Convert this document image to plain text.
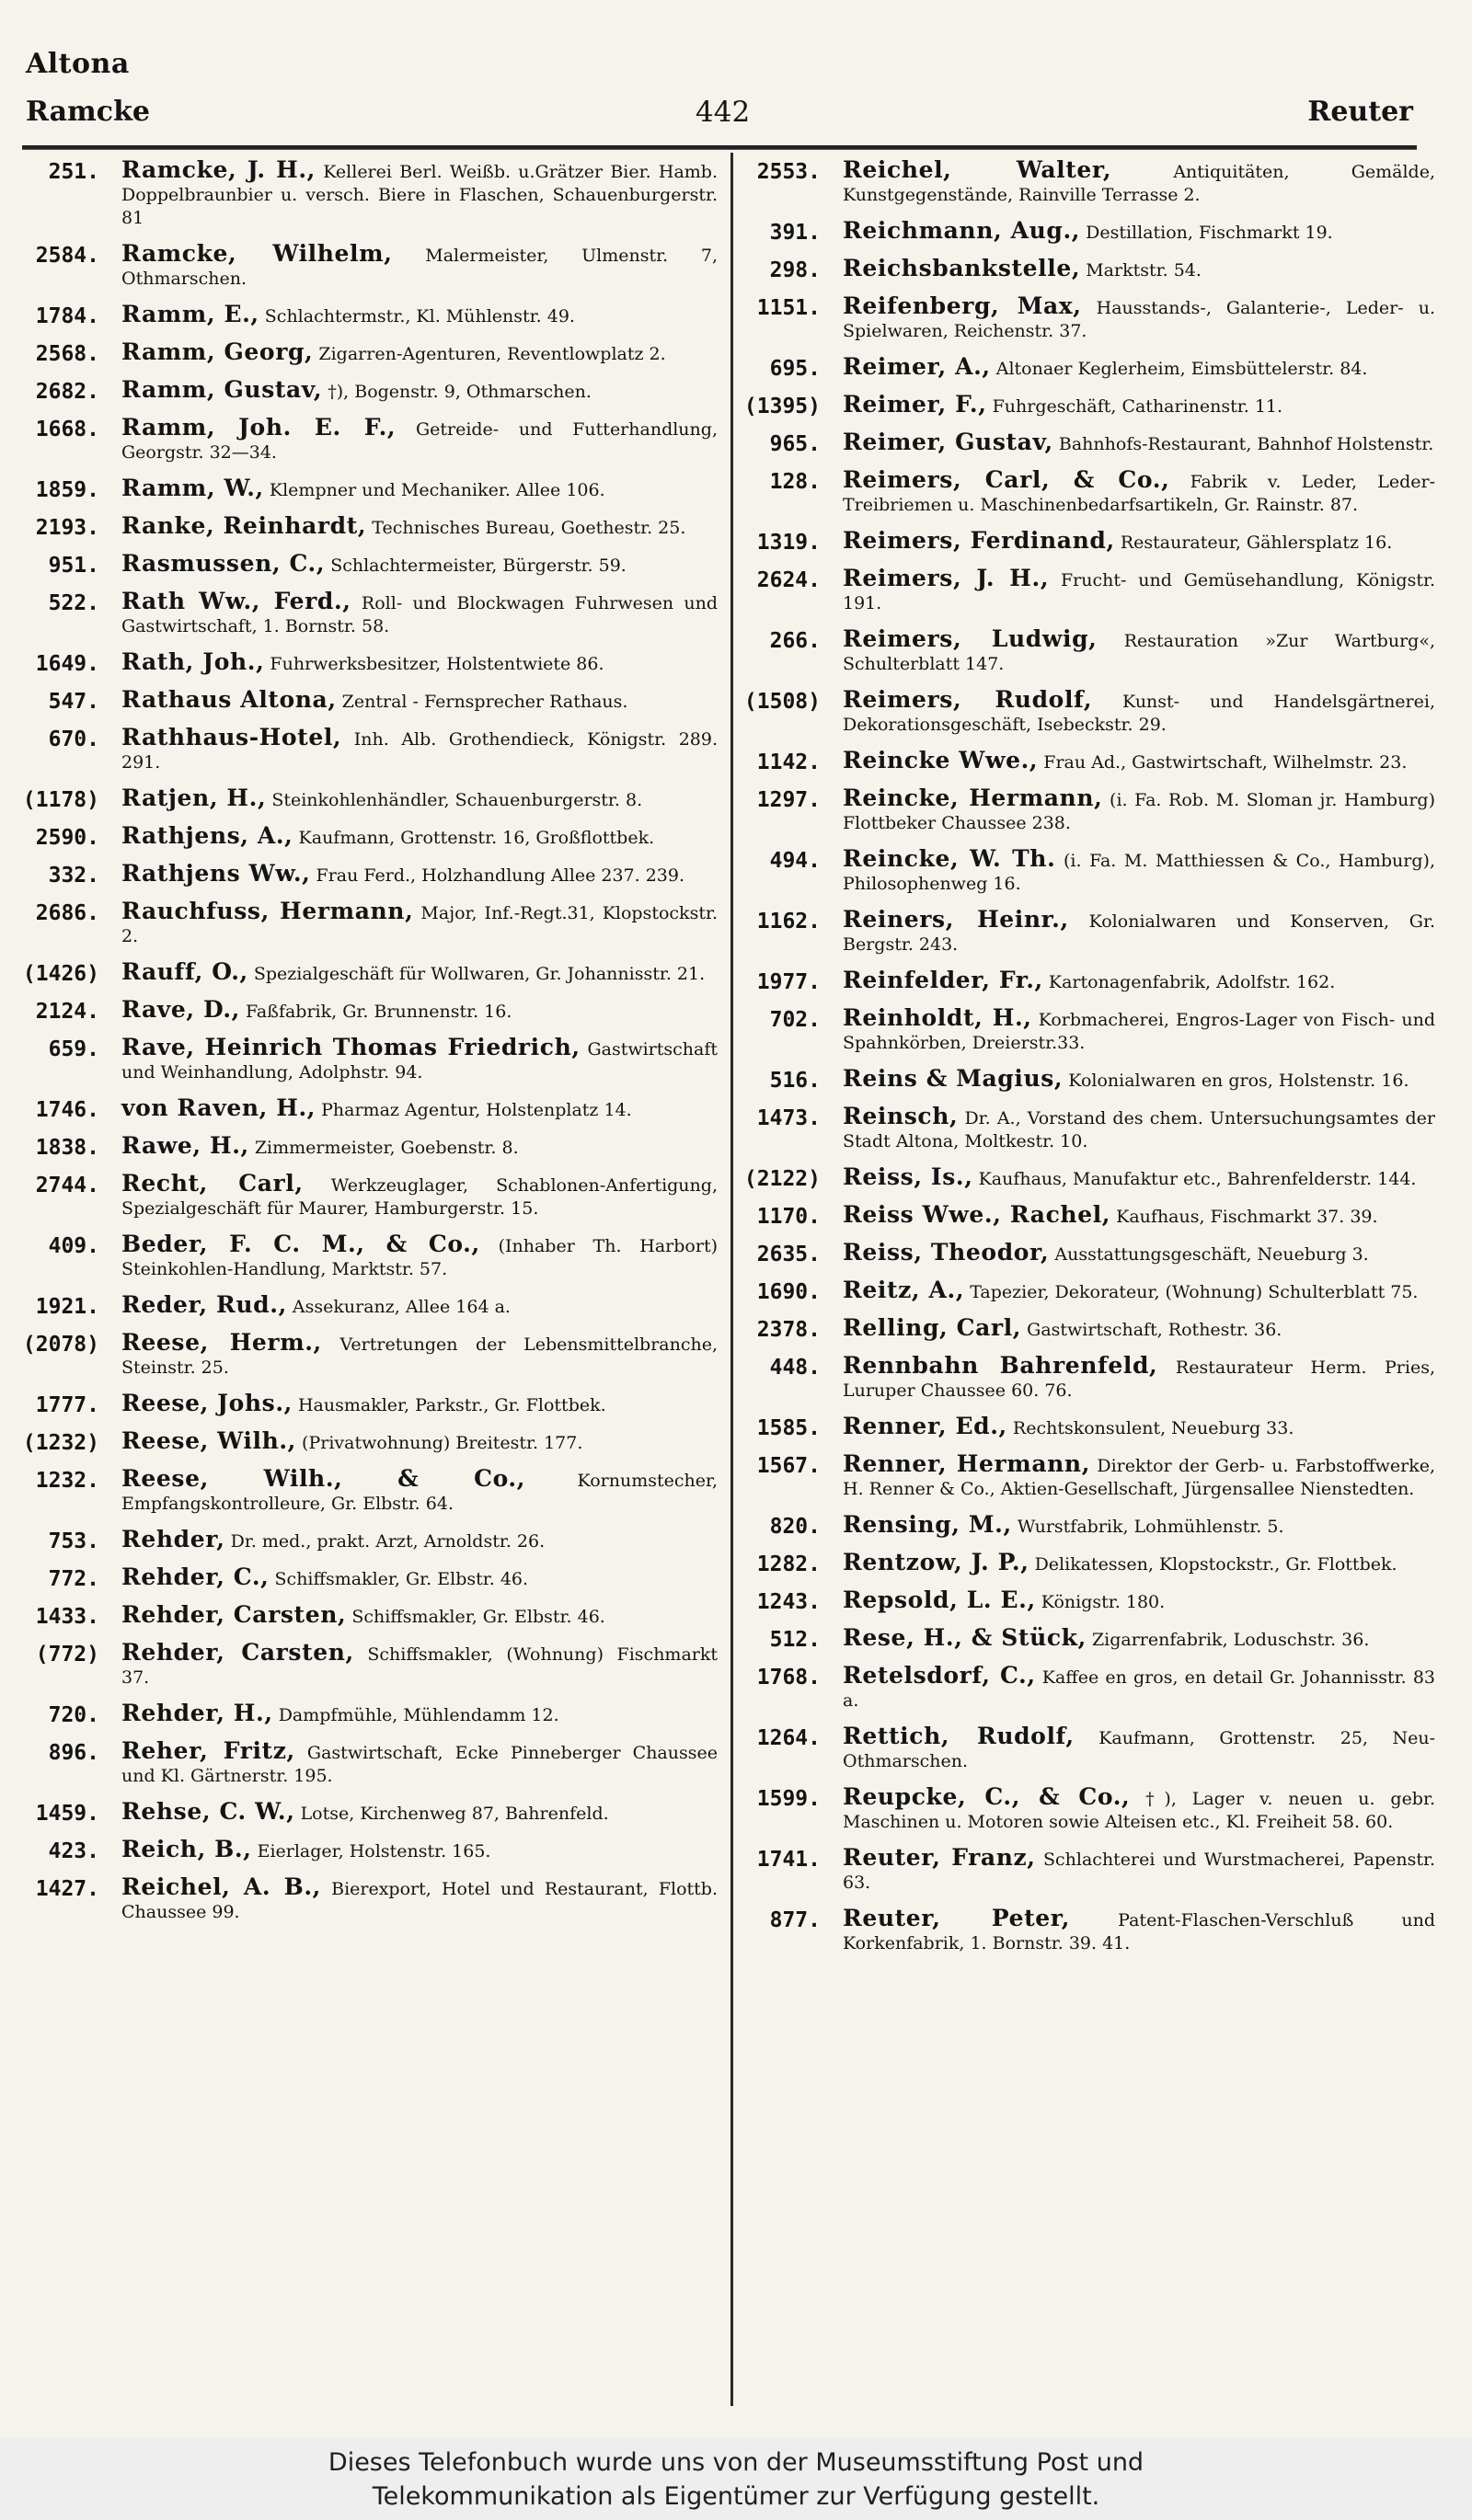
Altona
Ramcke	442	Reuter
251. Ramcke, J. H., Kellerei Berl. Weißb. u.Grätzer Bier. Hamb. Doppelbraunbier u. versch. Biere in Flaschen, Schauenburgerstr. 81
2584. Ramcke, Wilhelm, Malermeister, Ulmenstr. 7, Othmarschen.
1784. Ramm, E., Schlachtermstr., Kl. Mühlenstr. 49.
2568. Ramm, Georg, Zigarren-Agenturen, Reventlowplatz 2.
2682. Ramm, Gustav, †), Bogenstr. 9, Othmarschen.
1668. Ramm, Joh. E. F., Getreide- und Futterhandlung, Georgstr. 32—34.
1859. Ramm, W., Klempner und Mechaniker. Allee 106.
2193. Ranke, Reinhardt, Technisches Bureau, Goethestr. 25.
951. Rasmussen, C., Schlachtermeister, Bürgerstr. 59.
522. Rath Ww., Ferd., Roll- und Blockwagen Fuhrwesen und Gastwirtschaft, 1. Bornstr. 58.
1649. Rath, Joh., Fuhrwerksbesitzer, Holstentwiete 86.
547. Rathaus Altona, Zentral - Fernsprecher Rathaus.
670. Rathhaus-Hotel, Inh. Alb. Grothendieck, Königstr. 289. 291.
(1178) Ratjen, H., Steinkohlenhändler, Schauenburgerstr. 8.
2590. Rathjens, A., Kaufmann, Grottenstr. 16, Großflottbek.
332. Rathjens Ww., Frau Ferd., Holzhandlung Allee 237. 239.
2686. Rauchfuss, Hermann, Major, Inf.-Regt.31, Klopstockstr. 2.
(1426) Rauff, O., Spezialgeschäft für Wollwaren, Gr. Johannisstr. 21.
2124. Rave, D., Faßfabrik, Gr. Brunnenstr. 16.
659. Rave, Heinrich Thomas Friedrich, Gastwirtschaft und Weinhandlung, Adolphstr. 94.
1746. von Raven, H., Pharmaz Agentur, Holstenplatz 14.
1838. Rawe, H., Zimmermeister, Goebenstr. 8.
2744. Recht, Carl, Werkzeuglager, Schablonen-Anfertigung, Spezialgeschäft für Maurer, Hamburgerstr. 15.
409. Beder, F. C. M., & Co., (Inhaber Th. Harbort) Steinkohlen-Handlung, Marktstr. 57.
1921. Reder, Rud., Assekuranz, Allee 164 a.
(2078) Reese, Herm., Vertretungen der Lebensmittelbranche, Steinstr. 25.
1777. Reese, Johs., Hausmakler, Parkstr., Gr. Flottbek.
(1232) Reese, Wilh., (Privatwohnung) Breitestr. 177.
1232. Reese, Wilh., & Co.,	Kornumstecher, Empfangskontrolleure, Gr. Elbstr. 64.
753. Rehder, Dr. med., prakt. Arzt, Arnoldstr. 26.
772. Rehder, C., Schiffsmakler, Gr. Elbstr. 46.
1433. Rehder, Carsten, Schiffsmakler, Gr. Elbstr. 46.
(772) Rehder, Carsten, Schiffsmakler, (Wohnung) Fischmarkt 37.
720. Rehder, H., Dampfmühle, Mühlendamm 12.
896. Reher, Fritz, Gastwirtschaft, Ecke Pinneberger Chaussee und Kl. Gärtnerstr. 195.
1459. Rehse, C. W., Lotse, Kirchenweg 87, Bahrenfeld.
423. Reich, B., Eierlager, Holstenstr. 165.
1427. Reichel, A. B., Bierexport, Hotel und Restaurant, Flottb. Chaussee 99.
2553. Reichel, Walter,	Antiquitäten, Gemälde, Kunstgegenstände, Rainville Terrasse 2.
391. Reichmann, Aug., Destillation, Fischmarkt 19.
298. Reichsbankstelle, Marktstr. 54.
1151. Reifenberg, Max, Hausstands-, Galanterie-, Leder- u. Spielwaren, Reichenstr. 37.
695. Reimer, A., Altonaer Keglerheim, Eimsbüttelerstr. 84.
(1395) Reimer, F., Fuhrgeschäft, Catharinenstr. 11.
965. Reimer, Gustav, Bahnhofs-Restaurant, Bahnhof Holstenstr.
128. Reimers, Carl, & Co., Fabrik v. Leder, Leder-Treibriemen u. Maschinenbedarfsartikeln, Gr. Rainstr. 87.
1319. Reimers, Ferdinand, Restaurateur, Gählersplatz 16.
2624. Reimers, J. H., Frucht- und Gemüsehandlung, Königstr. 191.
266. Reimers, Ludwig, Restauration »Zur Wartburg«, Schulterblatt 147.
(1508) Reimers, Rudolf, Kunst- und Handelsgärtnerei, Dekorationsgeschäft, Isebeckstr. 29.
1142. Reincke Wwe., Frau Ad., Gastwirtschaft, Wilhelmstr. 23.
1297. Reincke, Hermann, (i. Fa. Rob. M. Sloman jr. Hamburg) Flottbeker Chaussee 238.
494. Reincke, W. Th. (i. Fa. M. Matthiessen & Co., Hamburg), Philosophenweg 16.
1162. Reiners, Heinr., Kolonialwaren und Konserven, Gr. Bergstr. 243.
1977. Reinfelder, Fr., Kartonagenfabrik, Adolfstr. 162.
702. Reinholdt, H., Korbmacherei, Engros-Lager von Fisch- und Spahnkörben, Dreierstr.33.
516. Reins & Magius, Kolonialwaren en gros, Holstenstr. 16.
1473. Reinsch, Dr. A., Vorstand des chem. Untersuchungsamtes der Stadt Altona, Moltkestr. 10.
(2122) Reiss, Is., Kaufhaus, Manufaktur etc., Bahrenfelderstr. 144.
1170. Reiss Wwe., Rachel, Kaufhaus, Fischmarkt 37. 39.
2635. Reiss, Theodor, Ausstattungsgeschäft, Neueburg 3.
1690. Reitz, A., Tapezier, Dekorateur, (Wohnung) Schulterblatt 75.
2378. Relling, Carl, Gastwirtschaft, Rothestr. 36.
448. Rennbahn Bahrenfeld, Restaurateur Herm. Pries, Luruper Chaussee 60. 76.
1585. Renner, Ed., Rechtskonsulent, Neueburg 33.
1567. Renner, Hermann, Direktor der Gerb- u. Farbstoffwerke, H. Renner & Co., Aktien-Gesellschaft, Jürgensallee Nienstedten.
820. Rensing, M., Wurstfabrik, Lohmühlenstr. 5.
1282. Rentzow, J. P., Delikatessen, Klopstockstr., Gr. Flottbek.
1243. Repsold, L. E., Königstr. 180.
512. Rese, H., & Stück, Zigarrenfabrik, Loduschstr. 36.
1768. Retelsdorf, C., Kaffee en gros, en detail Gr. Johannisstr. 83 a.
1264. Rettich, Rudolf, Kaufmann, Grottenstr. 25, Neu-Othmarschen.
1599. Reupcke, C., & Co., †), Lager v. neuen u. gebr. Maschinen u. Motoren sowie Alteisen etc., Kl. Freiheit 58. 60.
1741. Reuter, Franz, Schlachterei und Wurstmacherei, Papenstr. 63.
877. Reuter, Peter,	Patent-Flaschen-Verschluß und Korkenfabrik, 1. Bornstr. 39. 41.
Dieses Telefonbuch wurde uns von der Museumsstiftung Post und
Telekommunikation als Eigentümer zur Verfügung gestellt.
